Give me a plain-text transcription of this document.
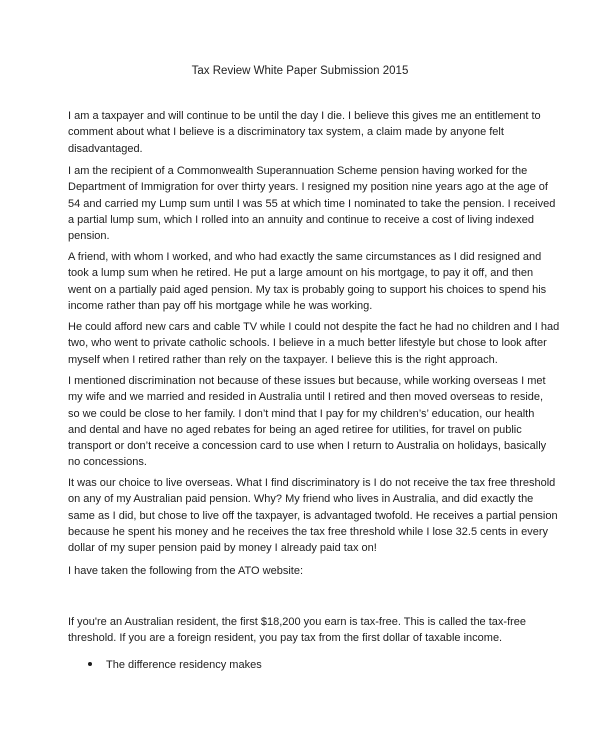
Tax Review White Paper Submission 2015
I am a taxpayer and will continue to be until the day I die. I believe this gives me an entitlement to
comment about what I believe is a discriminatory tax system, a claim made by anyone felt
disadvantaged.
I am the recipient of a Commonwealth Superannuation Scheme pension having worked for the
Department of Immigration for over thirty years. I resigned my position nine years ago at the age of
54 and carried my Lump sum until I was 55 at which time I nominated to take the pension. I received
a partial lump sum, which I rolled into an annuity and continue to receive a cost of living indexed
pension.
A friend, with whom I worked, and who had exactly the same circumstances as I did resigned and
took a lump sum when he retired. He put a large amount on his mortgage, to pay it off, and then
went on a partially paid aged pension. My tax is probably going to support his choices to spend his
income rather than pay off his mortgage while he was working.
He could afford new cars and cable TV while I could not despite the fact he had no children and I had
two, who went to private catholic schools. I believe in a much better lifestyle but chose to look after
myself when I retired rather than rely on the taxpayer. I believe this is the right approach.
I mentioned discrimination not because of these issues but because, while working overseas I met
my wife and we married and resided in Australia until I retired and then moved overseas to reside,
so we could be close to her family. I don’t mind that I pay for my children’s’ education, our health
and dental and have no aged rebates for being an aged retiree for utilities, for travel on public
transport or don’t receive a concession card to use when I return to Australia on holidays, basically
no concessions.
It was our choice to live overseas. What I find discriminatory is I do not receive the tax free threshold
on any of my Australian paid pension. Why? My friend who lives in Australia, and did exactly the
same as I did, but chose to live off the taxpayer, is advantaged twofold. He receives a partial pension
because he spent his money and he receives the tax free threshold while I lose 32.5 cents in every
dollar of my super pension paid by money I already paid tax on!
I have taken the following from the ATO website:
If you're an Australian resident, the first $18,200 you earn is tax-free. This is called the tax-free
threshold. If you are a foreign resident, you pay tax from the first dollar of taxable income.
The difference residency makes
